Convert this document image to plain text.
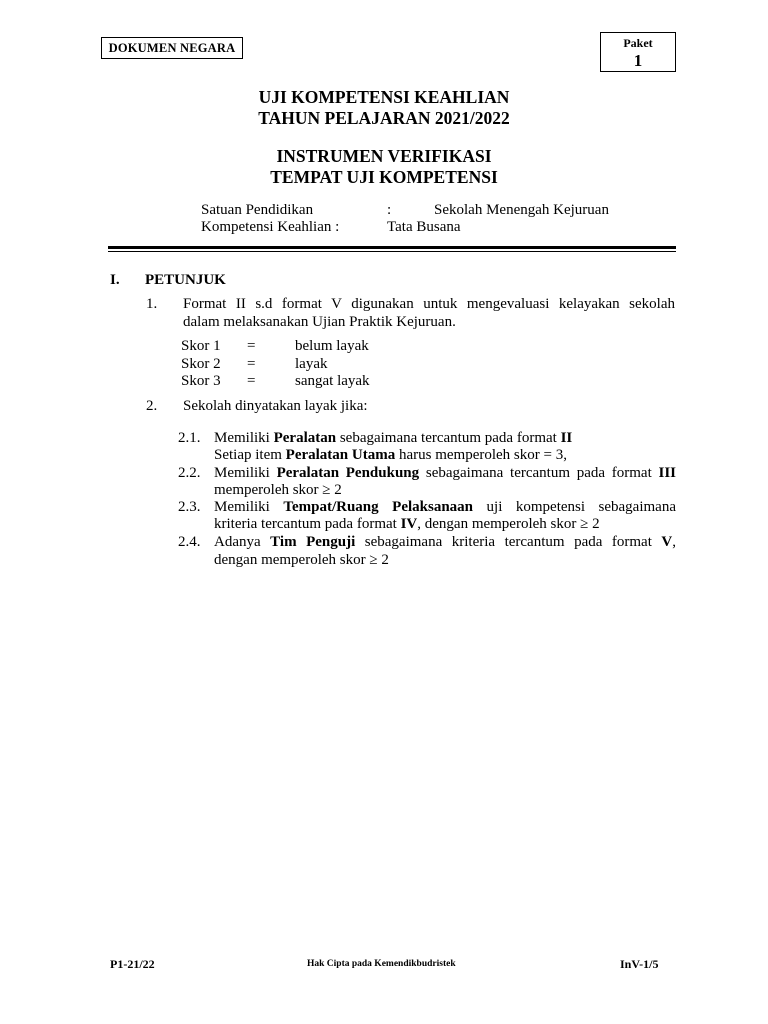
DOKUMEN NEGARA	Paket
1
UJI KOMPETENSI KEAHLIAN
TAHUN PELAJARAN 2021/2022
INSTRUMEN VERIFIKASI
TEMPAT UJI KOMPETENSI
Satuan Pendidikan	:	Sekolah Menengah Kejuruan
Kompetensi Keahlian :	Tata Busana
I. PETUNJUK
1. Format II s.d format V digunakan untuk mengevaluasi kelayakan sekolah
dalam melaksanakan Ujian Praktik Kejuruan.
Skor 1 =	belum layak
Skor 2 =	layak
Skor 3 =	sangat layak
2. Sekolah dinyatakan layak jika:
2.1. Memiliki Peralatan sebagaimana tercantum pada format II
Setiap item Peralatan Utama harus memperoleh skor = 3,
2.2. Memiliki Peralatan Pendukung sebagaimana tercantum pada format III
memperoleh skor ≥ 2
2.3. Memiliki Tempat/Ruang Pelaksanaan uji kompetensi sebagaimana
kriteria tercantum pada format IV, dengan memperoleh skor ≥ 2
2.4. Adanya Tim Penguji sebagaimana kriteria tercantum pada format V,
dengan memperoleh skor ≥ 2
P1-21/22	Hak Cipta pada Kemendikbudristek	InV-1/5
